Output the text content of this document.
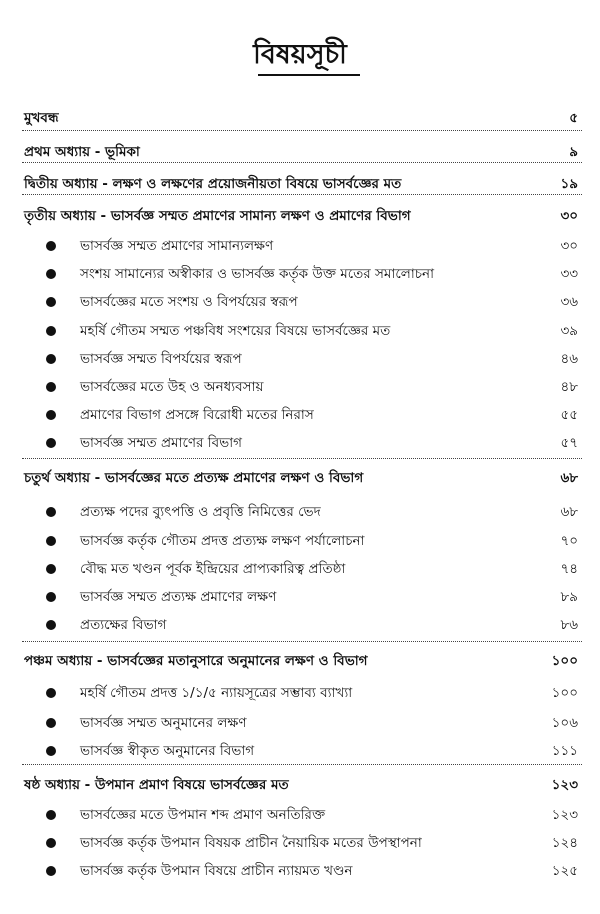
বিষয়সূচী
মুখবন্ধ	৫
প্রথম অধ্যায় - ভূমিকা	৯
দ্বিতীয় অধ্যায় - লক্ষণ ও লক্ষণের প্রয়োজনীয়তা বিষয়ে ভাসর্বজ্ঞের মত	১৯
তৃতীয় অধ্যায় - ভাসর্বজ্ঞ সম্মত প্রমাণের সামান্য লক্ষণ ও প্রমাণের বিভাগ	৩০
ভাসর্বজ্ঞ সম্মত প্রমাণের সামান্যলক্ষণ	৩০
সংশয় সামান্যের অস্বীকার ও ভাসর্বজ্ঞ কর্তৃক উক্ত মতের সমালোচনা	৩৩
ভাসর্বজ্ঞের মতে সংশয় ও বিপর্যয়ের স্বরূপ	৩৬
মহর্ষি গৌতম সম্মত পঞ্চবিধ সংশয়ের বিষয়ে ভাসর্বজ্ঞের মত	৩৯
ভাসর্বজ্ঞ সম্মত বিপর্যয়ের স্বরূপ	৪৬
ভাসর্বজ্ঞের মতে উহ ও অনধ্যবসায়	৪৮
প্রমাণের বিভাগ প্রসঙ্গে বিরোধী মতের নিরাস	৫৫
ভাসর্বজ্ঞ সম্মত প্রমাণের বিভাগ	৫৭
চতুর্থ অধ্যায় - ভাসর্বজ্ঞের মতে প্রত্যক্ষ প্রমাণের লক্ষণ ও বিভাগ	৬৮
প্রত্যক্ষ পদের ব্যুৎপত্তি ও প্রবৃত্তি নিমিত্তের ভেদ	৬৮
ভাসর্বজ্ঞ কর্তৃক গৌতম প্রদত্ত প্রত্যক্ষ লক্ষণ পর্যালোচনা	৭০
বৌদ্ধ মত খণ্ডন পূর্বক ইন্দ্রিয়ের প্রাপ্যকারিত্ব প্রতিষ্ঠা	৭৪
ভাসর্বজ্ঞ সম্মত প্রত্যক্ষ প্রমাণের লক্ষণ	৮৯
প্রত্যক্ষের বিভাগ	৮৬
পঞ্চম অধ্যায় - ভাসর্বজ্ঞের মতানুসারে অনুমানের লক্ষণ ও বিভাগ	১০০
মহর্ষি গৌতম প্রদত্ত ১/১/৫ ন্যায়সূত্রের সম্ভাব্য ব্যাখ্যা	১০০
ভাসর্বজ্ঞ সম্মত অনুমানের লক্ষণ	১০৬
ভাসর্বজ্ঞ স্বীকৃত অনুমানের বিভাগ	১১১
ষষ্ঠ অধ্যায় - উপমান প্রমাণ বিষয়ে ভাসর্বজ্ঞের মত	১২৩
ভাসর্বজ্ঞের মতে উপমান শব্দ প্রমাণ অনতিরিক্ত	১২৩
ভাসর্বজ্ঞ কর্তৃক উপমান বিষয়ক প্রাচীন নৈয়ায়িক মতের উপস্থাপনা	১২৪
ভাসর্বজ্ঞ কর্তৃক উপমান বিষয়ে প্রাচীন ন্যায়মত খণ্ডন	১২৫
